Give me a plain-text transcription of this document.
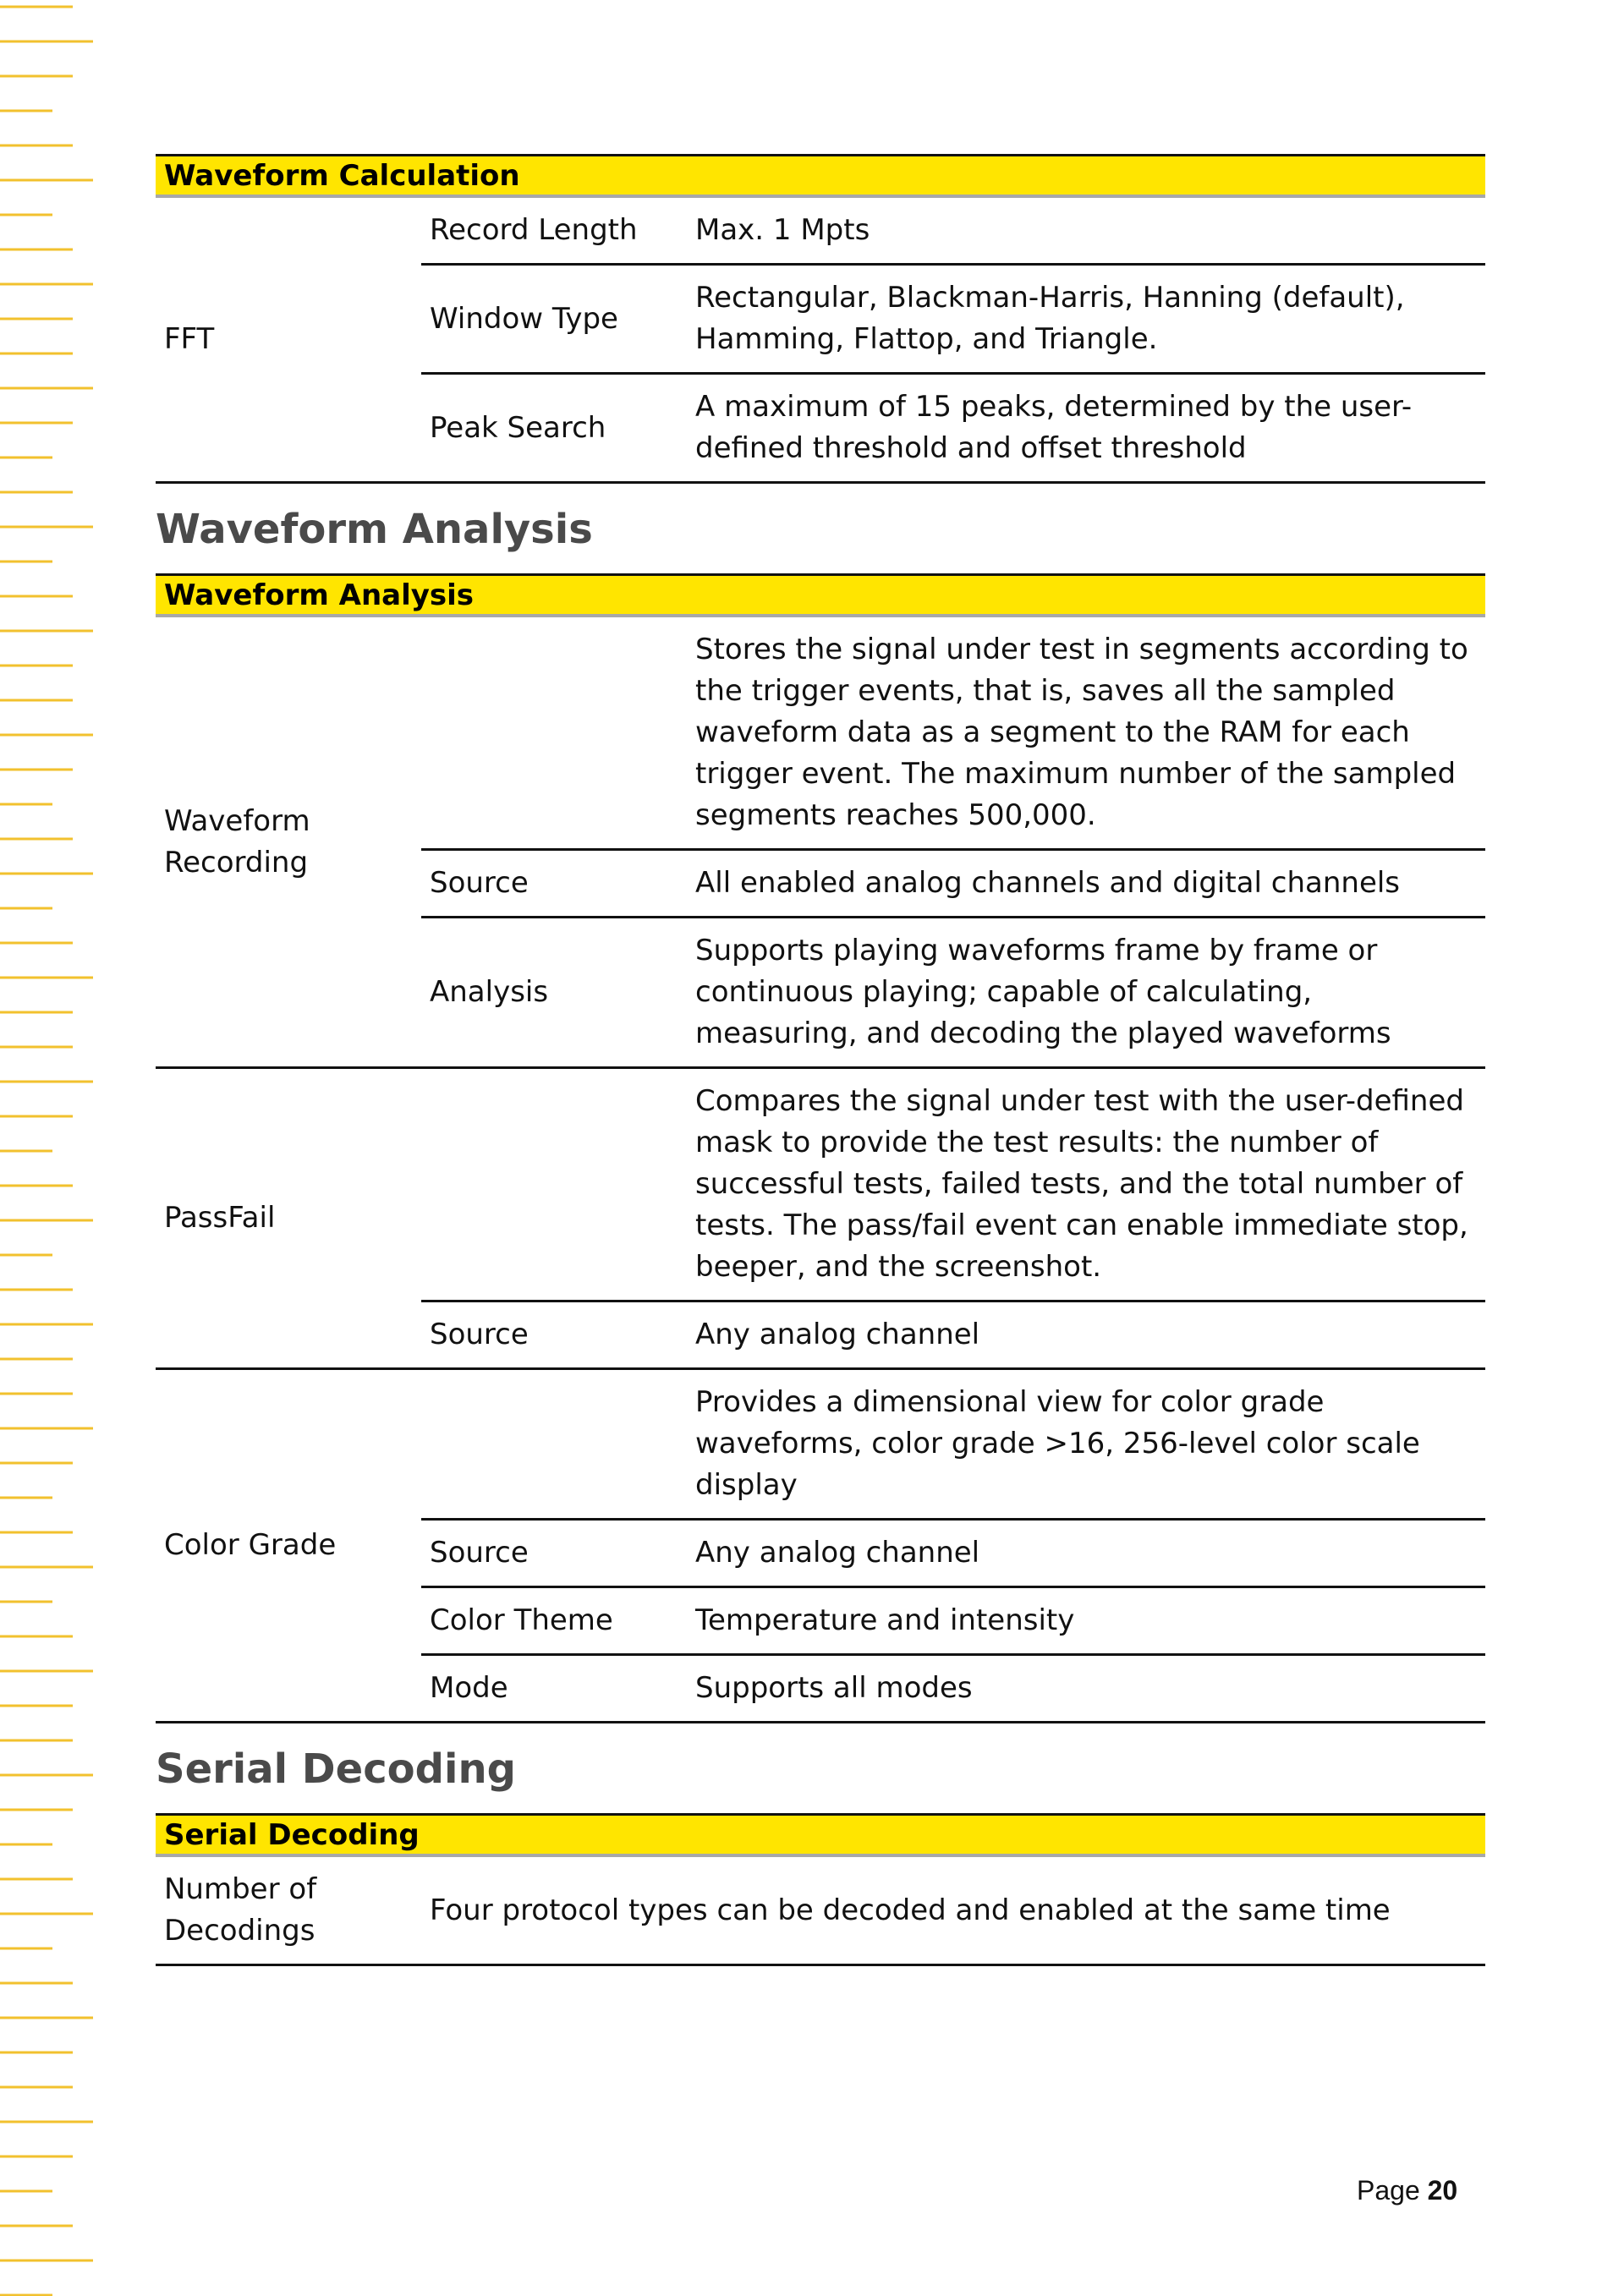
Waveform Calculation
FFT	Record Length	Max. 1 Mpts
	Window Type	Rectangular, Blackman-Harris, Hanning (default), Hamming, Flattop, and Triangle.
	Peak Search	A maximum of 15 peaks, determined by the user-defined threshold and offset threshold
Waveform Analysis
Waveform Analysis
Waveform Recording		Stores the signal under test in segments according to the trigger events, that is, saves all the sampled waveform data as a segment to the RAM for each trigger event. The maximum number of the sampled segments reaches 500,000.
	Source	All enabled analog channels and digital channels
	Analysis	Supports playing waveforms frame by frame or continuous playing; capable of calculating, measuring, and decoding the played waveforms
PassFail		Compares the signal under test with the user-defined mask to provide the test results: the number of successful tests, failed tests, and the total number of tests. The pass/fail event can enable immediate stop, beeper, and the screenshot.
	Source	Any analog channel
Color Grade		Provides a dimensional view for color grade waveforms, color grade >16, 256-level color scale display
	Source	Any analog channel
	Color Theme	Temperature and intensity
	Mode	Supports all modes
Serial Decoding
Serial Decoding
Number of Decodings	Four protocol types can be decoded and enabled at the same time
Page 20
